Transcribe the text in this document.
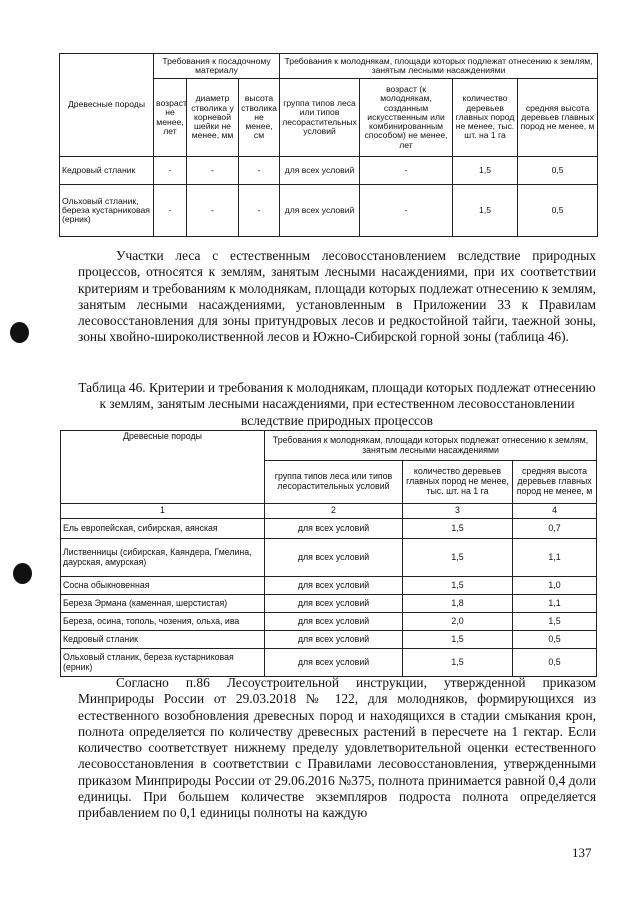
Древесные породы	Требования к посадочному материалу			Требования к молоднякам, площади которых подлежат отнесению к землям, занятым лесными насаждениями			
	возраст не менее, лет	диаметр стволика у корневой шейки не менее, мм	высота стволика не менее, см	группа типов леса или типов лесорастительных условий	возраст (к молоднякам, созданным искусственным или комбинированным способом) не менее, лет	количество деревьев главных пород не менее, тыс. шт. на 1 га	средняя высота деревьев главных пород не менее, м
Кедровый стланик	-	-	-	для всех условий	-	1,5	0,5
Ольховый стланик, береза кустарниковая (ерник)	-	-	-	для всех условий	-	1,5	0,5

Участки леса с естественным лесовосстановлением вследствие природных процессов, относятся к землям, занятым лесными насаждениями, при их соответствии критериям и требованиям к молоднякам, площади которых подлежат отнесению к землям, занятым лесными насаждениями, установленным в Приложении 33 к Правилам лесовосстановления для зоны притундровых лесов и редкостойной тайги, таежной зоны, зоны хвойно-широколиственной лесов и Южно-Сибирской горной зоны (таблица 46).

Таблица 46. Критерии и требования к молоднякам, площади которых подлежат отнесению к землям, занятым лесными насаждениями, при естественном лесовосстановлении вследствие природных процессов

Древесные породы	Требования к молоднякам, площади которых подлежат отнесению к землям, занятым лесными насаждениями		
	группа типов леса или типов лесорастительных условий	количество деревьев главных пород не менее, тыс. шт. на 1 га	средняя высота деревьев главных пород не менее, м
1	2	3	4
Ель европейская, сибирская, аянская	для всех условий	1,5	0,7
Лиственницы (сибирская, Каяндера, Гмелина, даурская, амурская)	для всех условий	1,5	1,1
Сосна обыкновенная	для всех условий	1,5	1,0
Береза Эрмана (каменная, шерстистая)	для всех условий	1,8	1,1
Береза, осина, тополь, чозения, ольха, ива	для всех условий	2,0	1,5
Кедровый стланик	для всех условий	1,5	0,5
Ольховый стланик, береза кустарниковая (ерник)	для всех условий	1,5	0,5

Согласно п.86 Лесоустроительной инструкции, утвержденной приказом Минприроды России от 29.03.2018 № 122, для молодняков, формирующихся из естественного возобновления древесных пород и находящихся в стадии смыкания крон, полнота определяется по количеству древесных растений в пересчете на 1 гектар. Если количество соответствует нижнему пределу удовлетворительной оценки естественного лесовосстановления в соответствии с Правилами лесовосстановления, утвержденными приказом Минприроды России от 29.06.2016 №375, полнота принимается равной 0,4 доли единицы. При большем количестве экземпляров подроста полнота определяется прибавлением по 0,1 единицы полноты на каждую

137
